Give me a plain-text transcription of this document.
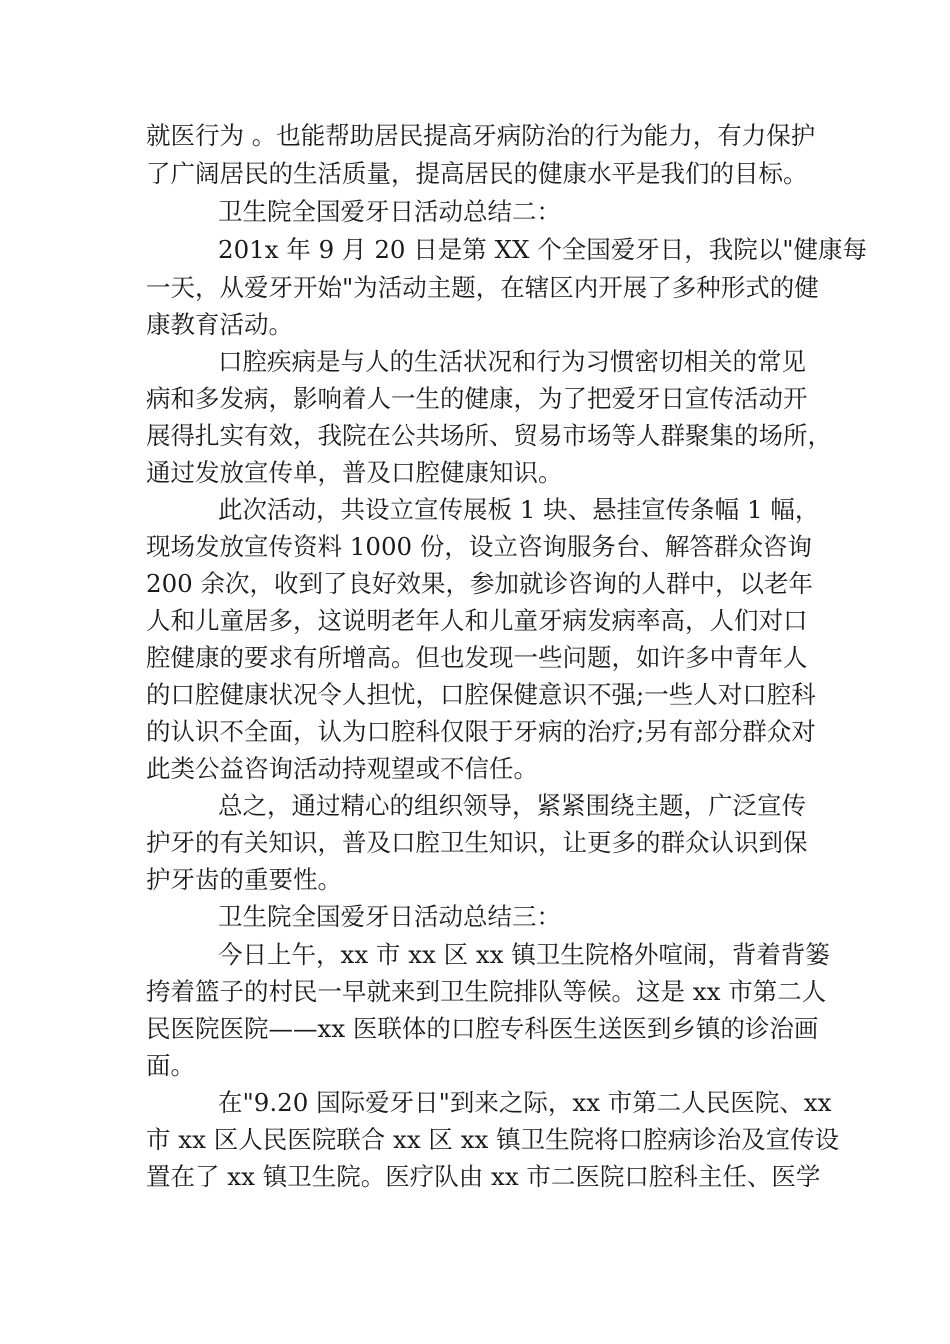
就医行为 。也能帮助居民提高牙病防治的行为能力，有力保护
了广阔居民的生活质量，提高居民的健康水平是我们的目标。
卫生院全国爱牙日活动总结二：
201x 年 9 月 20 日是第 XX 个全国爱牙日，我院以"健康每
一天，从爱牙开始"为活动主题，在辖区内开展了多种形式的健
康教育活动。
口腔疾病是与人的生活状况和行为习惯密切相关的常见
病和多发病，影响着人一生的健康，为了把爱牙日宣传活动开
展得扎实有效，我院在公共场所、贸易市场等人群聚集的场所，
通过发放宣传单，普及口腔健康知识。
此次活动，共设立宣传展板 1 块、悬挂宣传条幅 1 幅，
现场发放宣传资料 1000 份，设立咨询服务台、解答群众咨询
200 余次，收到了良好效果，参加就诊咨询的人群中，以老年
人和儿童居多，这说明老年人和儿童牙病发病率高，人们对口
腔健康的要求有所增高。但也发现一些问题，如许多中青年人
的口腔健康状况令人担忧，口腔保健意识不强;一些人对口腔科
的认识不全面，认为口腔科仅限于牙病的治疗;另有部分群众对
此类公益咨询活动持观望或不信任。
总之，通过精心的组织领导，紧紧围绕主题，广泛宣传
护牙的有关知识，普及口腔卫生知识，让更多的群众认识到保
护牙齿的重要性。
卫生院全国爱牙日活动总结三：
今日上午，xx 市 xx 区 xx 镇卫生院格外喧闹，背着背篓
挎着篮子的村民一早就来到卫生院排队等候。这是 xx 市第二人
民医院医院——xx 医联体的口腔专科医生送医到乡镇的诊治画
面。
在"9.20 国际爱牙日"到来之际，xx 市第二人民医院、xx
市 xx 区人民医院联合 xx 区 xx 镇卫生院将口腔病诊治及宣传设
置在了 xx 镇卫生院。医疗队由 xx 市二医院口腔科主任、医学
